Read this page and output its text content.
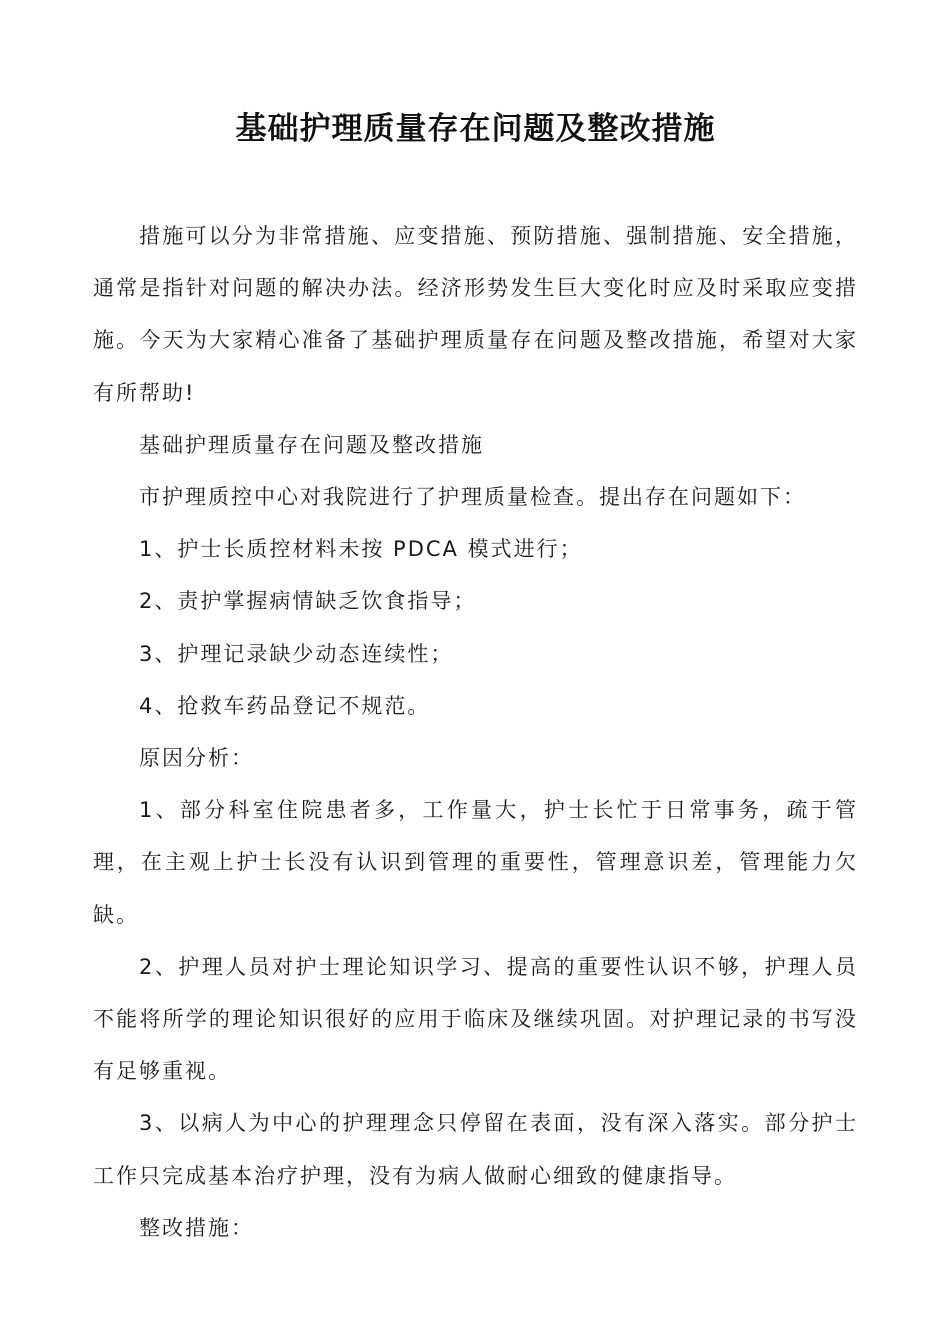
基础护理质量存在问题及整改措施

措施可以分为非常措施、应变措施、预防措施、强制措施、安全措施，通常是指针对问题的解决办法。经济形势发生巨大变化时应及时采取应变措施。今天为大家精心准备了基础护理质量存在问题及整改措施，希望对大家有所帮助!

基础护理质量存在问题及整改措施

市护理质控中心对我院进行了护理质量检查。提出存在问题如下：

1、护士长质控材料未按 PDCA 模式进行；

2、责护掌握病情缺乏饮食指导；

3、护理记录缺少动态连续性；

4、抢救车药品登记不规范。

原因分析：

1、部分科室住院患者多，工作量大，护士长忙于日常事务，疏于管理，在主观上护士长没有认识到管理的重要性，管理意识差，管理能力欠缺。

2、护理人员对护士理论知识学习、提高的重要性认识不够，护理人员不能将所学的理论知识很好的应用于临床及继续巩固。对护理记录的书写没有足够重视。

3、以病人为中心的护理理念只停留在表面，没有深入落实。部分护士工作只完成基本治疗护理，没有为病人做耐心细致的健康指导。

整改措施：
